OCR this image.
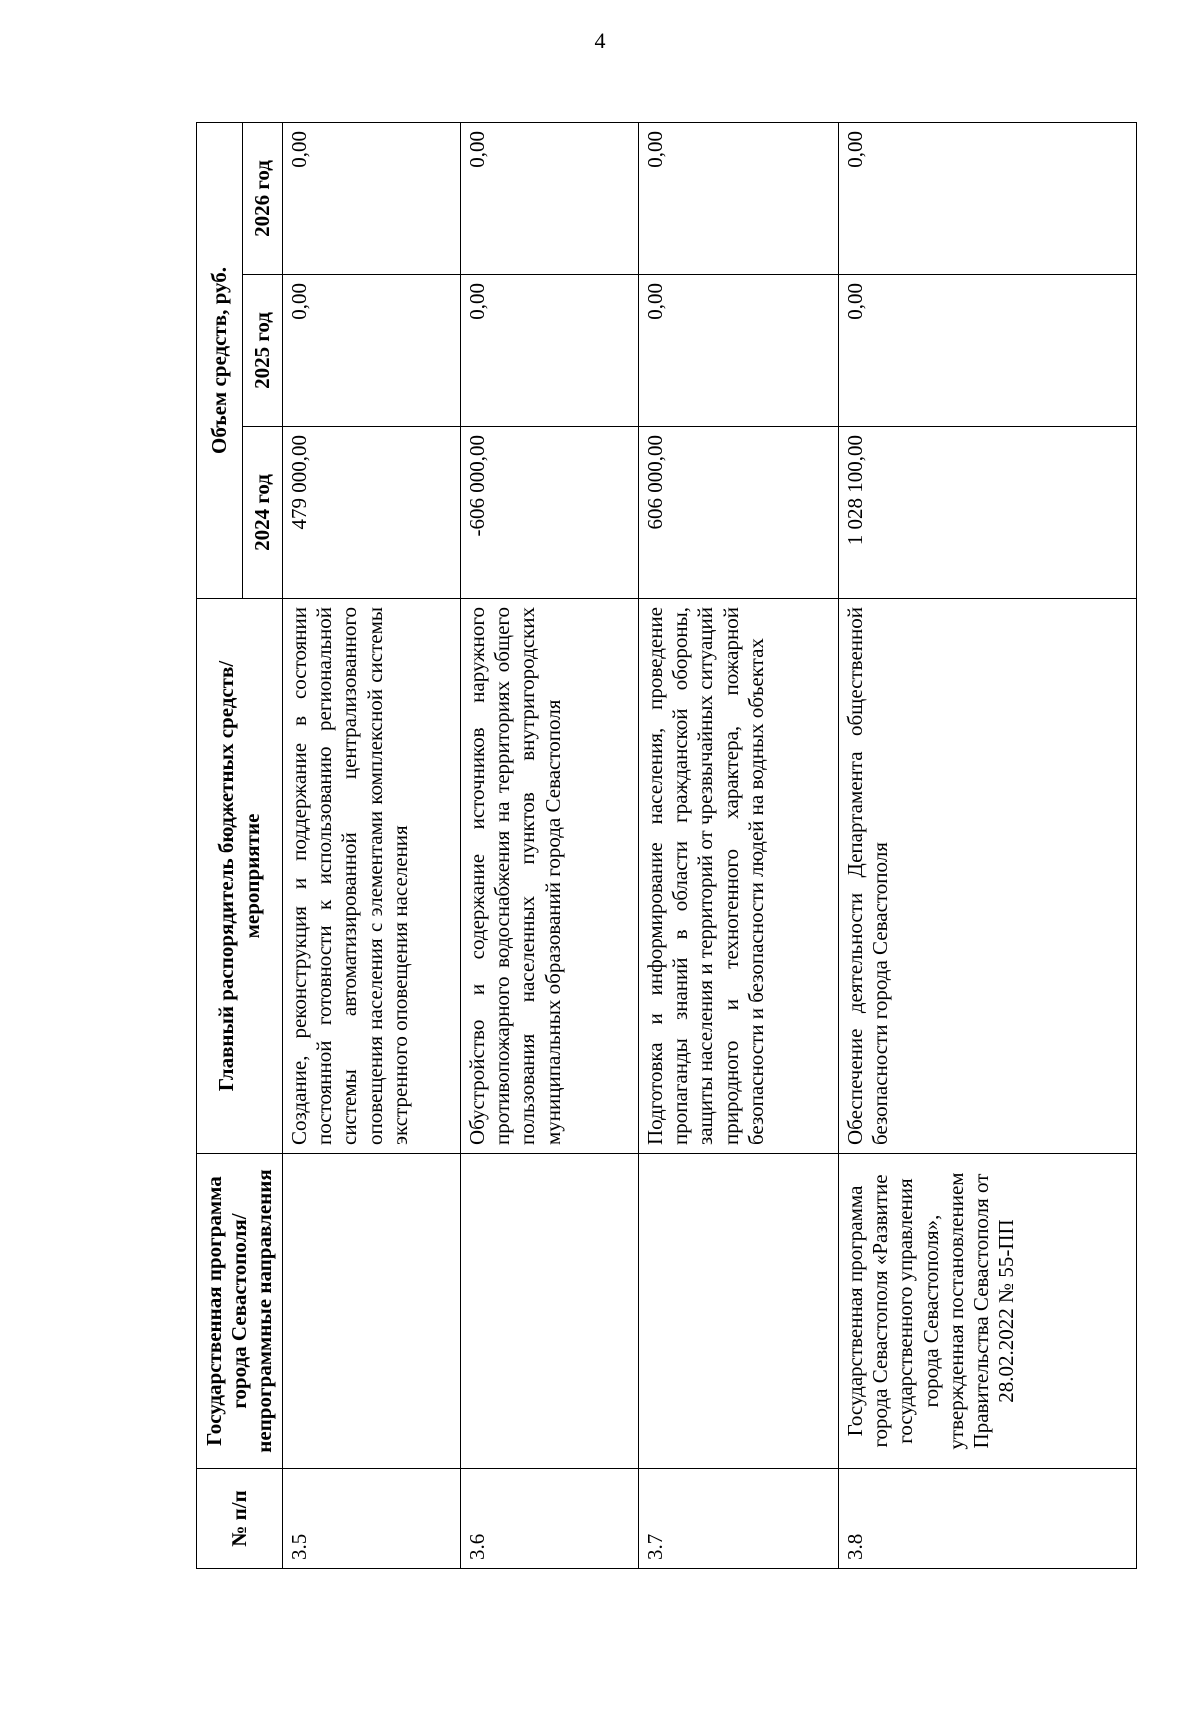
4
№ п/п	Государственная программа города Севастополя/ непрограммные направления	Главный распорядитель бюджетных средств/мероприятие	Объем средств, руб.		
			2024 год	2025 год	2026 год
3.5		Создание, реконструкция и поддержание в состоянии постоянной готовности к использованию региональной системы автоматизированной централизованного оповещения населения с элементами комплексной системы экстренного оповещения населения	479 000,00	0,00	0,00
3.6		Обустройство и содержание источников наружного противопожарного водоснабжения на территориях общего пользования населенных пунктов внутригородских муниципальных образований города Севастополя	-606 000,00	0,00	0,00
3.7		Подготовка и информирование населения, проведение пропаганды знаний в области гражданской обороны, защиты населения и территорий от чрезвычайных ситуаций природного и техногенного характера, пожарной безопасности и безопасности людей на водных объектах	606 000,00	0,00	0,00
3.8	Государственная программа города Севастополя «Развитие государственного управления города Севастополя», утвержденная постановлением Правительства Севастополя от 28.02.2022 № 55-ПП	Обеспечение деятельности Департамента общественной безопасности города Севастополя	1 028 100,00	0,00	0,00
